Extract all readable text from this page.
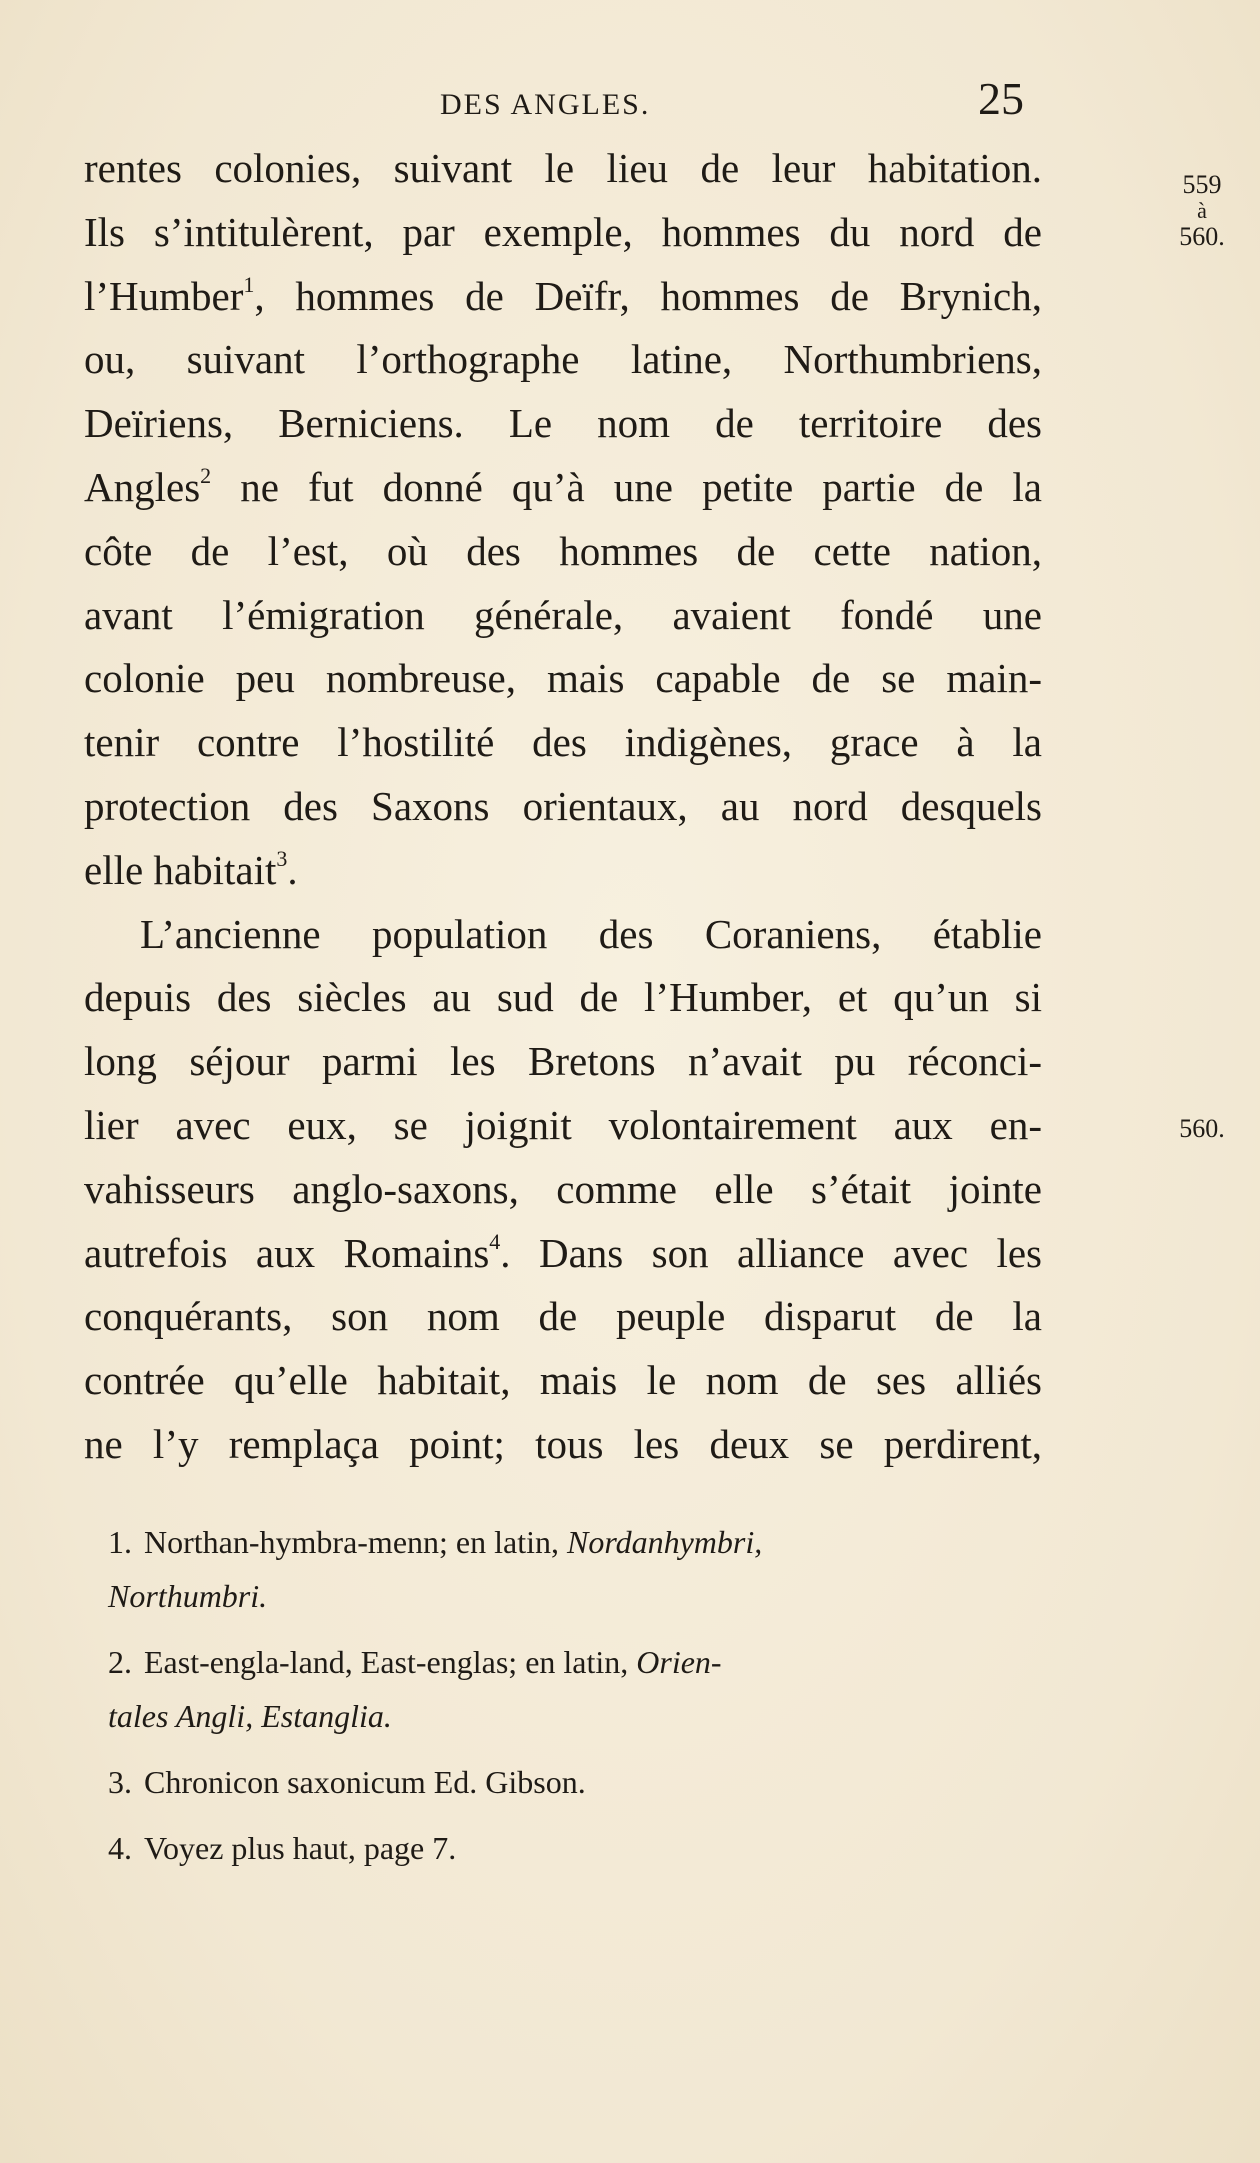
DES ANGLES.	25
559
à
560.
560.
rentes colonies, suivant le lieu de leur habitation.
Ils s’intitulèrent, par exemple, hommes du nord de
l’Humber$^1$, hommes de Deïfr, hommes de Brynich,
ou, suivant l’orthographe latine, Northumbriens,
Deïriens, Berniciens. Le nom de territoire des
Angles$^2$ ne fut donné qu’à une petite partie de la
côte de l’est, où des hommes de cette nation,
avant l’émigration générale, avaient fondé une
colonie peu nombreuse, mais capable de se main-
tenir contre l’hostilité des indigènes, grace à la
protection des Saxons orientaux, au nord desquels
elle habitait$^3$.
L’ancienne population des Coraniens, établie
depuis des siècles au sud de l’Humber, et qu’un si
long séjour parmi les Bretons n’avait pu réconci-
lier avec eux, se joignit volontairement aux en-
vahisseurs anglo-saxons, comme elle s’était jointe
autrefois aux Romains$^4$. Dans son alliance avec les
conquérants, son nom de peuple disparut de la
contrée qu’elle habitait, mais le nom de ses alliés
ne l’y remplaça point; tous les deux se perdirent,
1. Northan-hymbra-menn; en latin, Nordanhymbri,
Northumbri.
2. East-engla-land, East-englas; en latin, Orien-
tales Angli, Estanglia.
3. Chronicon saxonicum Ed. Gibson.
4. Voyez plus haut, page 7.
